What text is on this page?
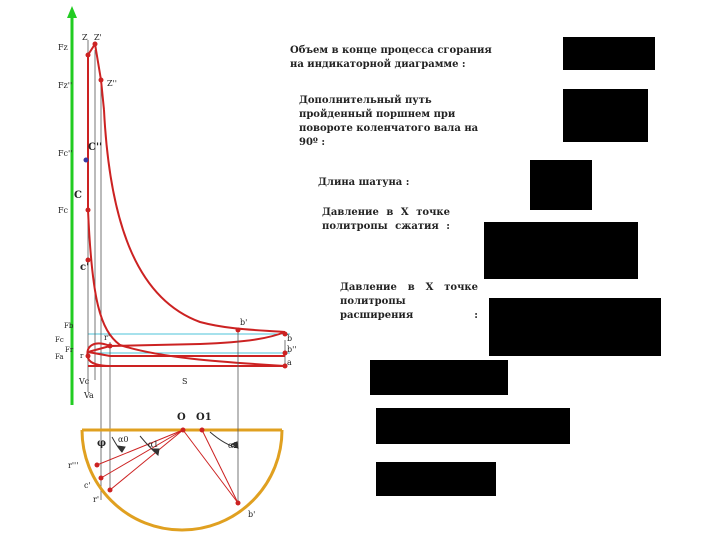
Fz
Fz''
Fc''
Fc
Fb
Fc
Fr
Fa
Z Z'
Z''
C''
C
c'
b'
b
b''
a
r'
r
Vc
Va
S
O O1
φ α0
α1	α2
r'''
c'
r'
b'
Объем в конце процесса сгорания на индикаторной диаграмме :
Дополнительный путь пройденный поршнем при повороте коленчатого вала на 90º :
Длина шатуна :
Давление в Х точке политропы сжатия :
Давление в Х точке политропы расширения :
